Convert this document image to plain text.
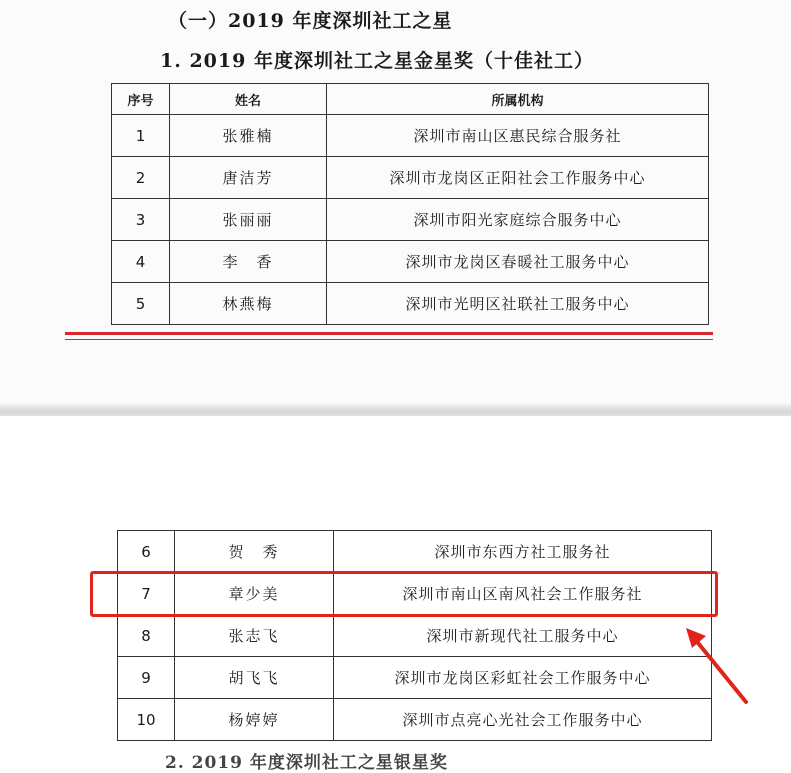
（一）2019 年度深圳社工之星
1. 2019 年度深圳社工之星金星奖（十佳社工）
序号	姓名	所属机构
1	张雅楠	深圳市南山区惠民综合服务社
2	唐洁芳	深圳市龙岗区正阳社会工作服务中心
3	张丽丽	深圳市阳光家庭综合服务中心
4	李　香	深圳市龙岗区春暖社工服务中心
5	林燕梅	深圳市光明区社联社工服务中心
6	贺　秀	深圳市东西方社工服务社
7	章少美	深圳市南山区南风社会工作服务社
8	张志飞	深圳市新现代社工服务中心
9	胡飞飞	深圳市龙岗区彩虹社会工作服务中心
10	杨婷婷	深圳市点亮心光社会工作服务中心
2. 2019 年度深圳社工之星银星奖
